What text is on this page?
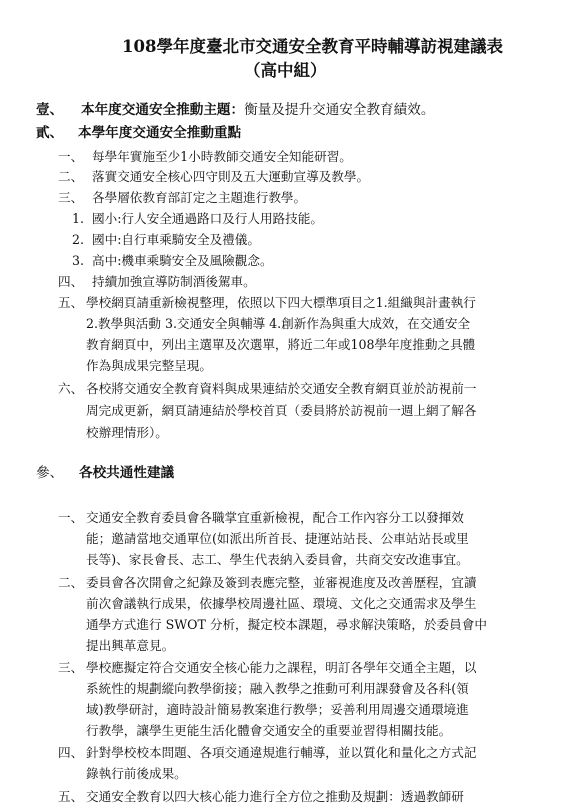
108學年度臺北市交通安全教育平時輔導訪視建議表
（高中組）
壹、 本年度交通安全推動主題：衡量及提升交通安全教育績效。
貳、 本學年度交通安全推動重點
一、 每學年實施至少1小時教師交通安全知能研習。
二、 落實交通安全核心四守則及五大運動宣導及教學。
三、 各學層依教育部訂定之主題進行教學。
1. 國小:行人安全通過路口及行人用路技能。
2. 國中:自行車乘騎安全及禮儀。
3. 高中:機車乘騎安全及風險觀念。
四、 持續加強宣導防制酒後駕車。
五、 學校網頁請重新檢視整理，依照以下四大標準項目之1.組織與計畫執行
2.教學與活動 3.交通安全與輔導 4.創新作為與重大成效，在交通安全
教育網頁中，列出主選單及次選單，將近二年或108學年度推動之具體
作為與成果完整呈現。
六、 各校將交通安全教育資料與成果連結於交通安全教育網頁並於訪視前一
周完成更新，網頁請連結於學校首頁（委員將於訪視前一週上網了解各
校辦理情形）。
參、 各校共通性建議
一、 交通安全教育委員會各職掌宜重新檢視，配合工作內容分工以發揮效
能；邀請當地交通單位(如派出所首長、捷運站站長、公車站站長或里
長等)、家長會長、志工、學生代表納入委員會，共商交安改進事宜。
二、 委員會各次開會之紀錄及簽到表應完整，並審視進度及改善歷程，宜讀
前次會議執行成果，依據學校周邊社區、環境、文化之交通需求及學生
通學方式進行 SWOT 分析，擬定校本課題，尋求解決策略，於委員會中
提出興革意見。
三、 學校應擬定符合交通安全核心能力之課程，明訂各學年交通全主題，以
系統性的規劃縱向教學銜接；融入教學之推動可利用課發會及各科(領
域)教學研討，適時設計簡易教案進行教學；妥善利用周邊交通環境進
行教學，讓學生更能生活化體會交通安全的重要並習得相關技能。
四、 針對學校校本問題、各項交通違規進行輔導，並以質化和量化之方式記
錄執行前後成果。
五、 交通安全教育以四大核心能力進行全方位之推動及規劃：透過教師研
